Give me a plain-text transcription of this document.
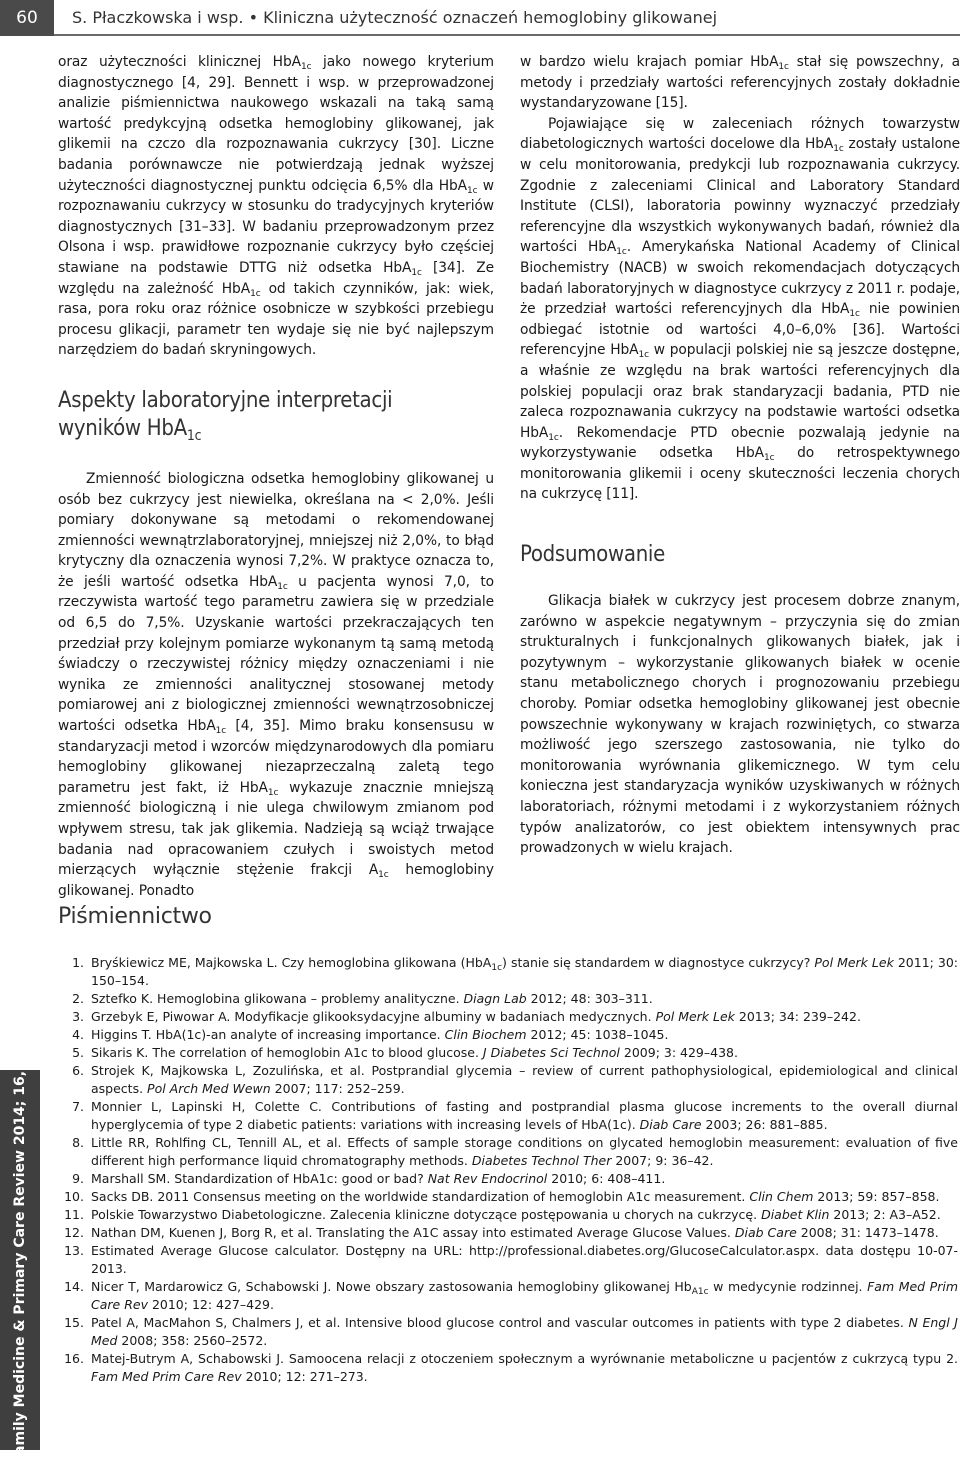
60	S. Płaczkowska i wsp. • Kliniczna użyteczność oznaczeń hemoglobiny glikowanej
Family Medicine & Primary Care Review 2014; 16, 1

oraz użyteczności klinicznej HbA$_{1c}$ jako nowego kryterium diagnostycznego [4, 29]. Bennett i wsp. w przeprowadzonej analizie piśmiennictwa naukowego wskazali na taką samą wartość predykcyjną odsetka hemoglobiny glikowanej, jak glikemii na czczo dla rozpoznawania cukrzycy [30]. Liczne badania porównawcze nie potwierdzają jednak wyższej użyteczności diagnostycznej punktu odcięcia 6,5% dla HbA$_{1c}$ w rozpoznawaniu cukrzycy w stosunku do tradycyjnych kryteriów diagnostycznych [31–33]. W badaniu przeprowadzonym przez Olsona i wsp. prawidłowe rozpoznanie cukrzycy było częściej stawiane na podstawie DTTG niż odsetka HbA$_{1c}$ [34]. Ze względu na zależność HbA$_{1c}$ od takich czynników, jak: wiek, rasa, pora roku oraz różnice osobnicze w szybkości przebiegu procesu glikacji, parametr ten wydaje się nie być najlepszym narzędziem do badań skryningowych.

Aspekty laboratoryjne interpretacji
wyników HbA$_{1c}$

Zmienność biologiczna odsetka hemoglobiny glikowanej u osób bez cukrzycy jest niewielka, określana na < 2,0%. Jeśli pomiary dokonywane są metodami o rekomendowanej zmienności wewnątrzlaboratoryjnej, mniejszej niż 2,0%, to błąd krytyczny dla oznaczenia wynosi 7,2%. W praktyce oznacza to, że jeśli wartość odsetka HbA$_{1c}$ u pacjenta wynosi 7,0, to rzeczywista wartość tego parametru zawiera się w przedziale od 6,5 do 7,5%. Uzyskanie wartości przekraczających ten przedział przy kolejnym pomiarze wykonanym tą samą metodą świadczy o rzeczywistej różnicy między oznaczeniami i nie wynika ze zmienności analitycznej stosowanej metody pomiarowej ani z biologicznej zmienności wewnątrzosobniczej wartości odsetka HbA$_{1c}$ [4, 35]. Mimo braku konsensusu w standaryzacji metod i wzorców międzynarodowych dla pomiaru hemoglobiny glikowanej niezaprzeczalną zaletą tego parametru jest fakt, iż HbA$_{1c}$ wykazuje znacznie mniejszą zmienność biologiczną i nie ulega chwilowym zmianom pod wpływem stresu, tak jak glikemia. Nadzieją są wciąż trwające badania nad opracowaniem czułych i swoistych metod mierzących wyłącznie stężenie frakcji $A_{1c}$ hemoglobiny glikowanej. Ponadto

w bardzo wielu krajach pomiar HbA$_{1c}$ stał się powszechny, a metody i przedziały wartości referencyjnych zostały dokładnie wystandaryzowane [15].

Pojawiające się w zaleceniach różnych towarzystw diabetologicznych wartości docelowe dla HbA$_{1c}$ zostały ustalone w celu monitorowania, predykcji lub rozpoznawania cukrzycy. Zgodnie z zaleceniami Clinical and Laboratory Standard Institute (CLSI), laboratoria powinny wyznaczyć przedziały referencyjne dla wszystkich wykonywanych badań, również dla wartości HbA$_{1c}$. Amerykańska National Academy of Clinical Biochemistry (NACB) w swoich rekomendacjach dotyczących badań laboratoryjnych w diagnostyce cukrzycy z 2011 r. podaje, że przedział wartości referencyjnych dla HbA$_{1c}$ nie powinien odbiegać istotnie od wartości 4,0–6,0% [36]. Wartości referencyjne HbA$_{1c}$ w populacji polskiej nie są jeszcze dostępne, a właśnie ze względu na brak wartości referencyjnych dla polskiej populacji oraz brak standaryzacji badania, PTD nie zaleca rozpoznawania cukrzycy na podstawie wartości odsetka HbA$_{1c}$. Rekomendacje PTD obecnie pozwalają jedynie na wykorzystywanie odsetka HbA$_{1c}$ do retrospektywnego monitorowania glikemii i oceny skuteczności leczenia chorych na cukrzycę [11].

Podsumowanie

Glikacja białek w cukrzycy jest procesem dobrze znanym, zarówno w aspekcie negatywnym – przyczynia się do zmian strukturalnych i funkcjonalnych glikowanych białek, jak i pozytywnym – wykorzystanie glikowanych białek w ocenie stanu metabolicznego chorych i prognozowaniu przebiegu choroby. Pomiar odsetka hemoglobiny glikowanej jest obecnie powszechnie wykonywany w krajach rozwiniętych, co stwarza możliwość jego szerszego zastosowania, nie tylko do monitorowania wyrównania glikemicznego. W tym celu konieczna jest standaryzacja wyników uzyskiwanych w różnych laboratoriach, różnymi metodami i z wykorzystaniem różnych typów analizatorów, co jest obiektem intensywnych prac prowadzonych w wielu krajach.

Piśmiennictwo
1. Bryśkiewicz ME, Majkowska L. Czy hemoglobina glikowana (HbA$_{1c}$) stanie się standardem w diagnostyce cukrzycy? Pol Merk Lek 2011; 30: 150–154.
2. Sztefko K. Hemoglobina glikowana – problemy analityczne. Diagn Lab 2012; 48: 303–311.
3. Grzebyk E, Piwowar A. Modyfikacje glikooksydacyjne albuminy w badaniach medycznych. Pol Merk Lek 2013; 34: 239–242.
4. Higgins T. HbA(1c)-an analyte of increasing importance. Clin Biochem 2012; 45: 1038–1045.
5. Sikaris K. The correlation of hemoglobin A1c to blood glucose. J Diabetes Sci Technol 2009; 3: 429–438.
6. Strojek K, Majkowska L, Zozulińska, et al. Postprandial glycemia – review of current pathophysiological, epidemiological and clinical aspects. Pol Arch Med Wewn 2007; 117: 252–259.
7. Monnier L, Lapinski H, Colette C. Contributions of fasting and postprandial plasma glucose increments to the overall diurnal hyperglycemia of type 2 diabetic patients: variations with increasing levels of HbA(1c). Diab Care 2003; 26: 881–885.
8. Little RR, Rohlfing CL, Tennill AL, et al. Effects of sample storage conditions on glycated hemoglobin measurement: evaluation of five different high performance liquid chromatography methods. Diabetes Technol Ther 2007; 9: 36–42.
9. Marshall SM. Standardization of HbA1c: good or bad? Nat Rev Endocrinol 2010; 6: 408–411.
10. Sacks DB. 2011 Consensus meeting on the worldwide standardization of hemoglobin A1c measurement. Clin Chem 2013; 59: 857–858.
11. Polskie Towarzystwo Diabetologiczne. Zalecenia kliniczne dotyczące postępowania u chorych na cukrzycę. Diabet Klin 2013; 2: A3–A52.
12. Nathan DM, Kuenen J, Borg R, et al. Translating the A1C assay into estimated Average Glucose Values. Diab Care 2008; 31: 1473–1478.
13. Estimated Average Glucose calculator. Dostępny na URL: http://professional.diabetes.org/GlucoseCalculator.aspx. data dostępu 10-07-2013.
14. Nicer T, Mardarowicz G, Schabowski J. Nowe obszary zastosowania hemoglobiny glikowanej $Hb_{A1c}$ w medycynie rodzinnej. Fam Med Prim Care Rev 2010; 12: 427–429.
15. Patel A, MacMahon S, Chalmers J, et al. Intensive blood glucose control and vascular outcomes in patients with type 2 diabetes. N Engl J Med 2008; 358: 2560–2572.
16. Matej-Butrym A, Schabowski J. Samoocena relacji z otoczeniem społecznym a wyrównanie metaboliczne u pacjentów z cukrzycą typu 2. Fam Med Prim Care Rev 2010; 12: 271–273.
